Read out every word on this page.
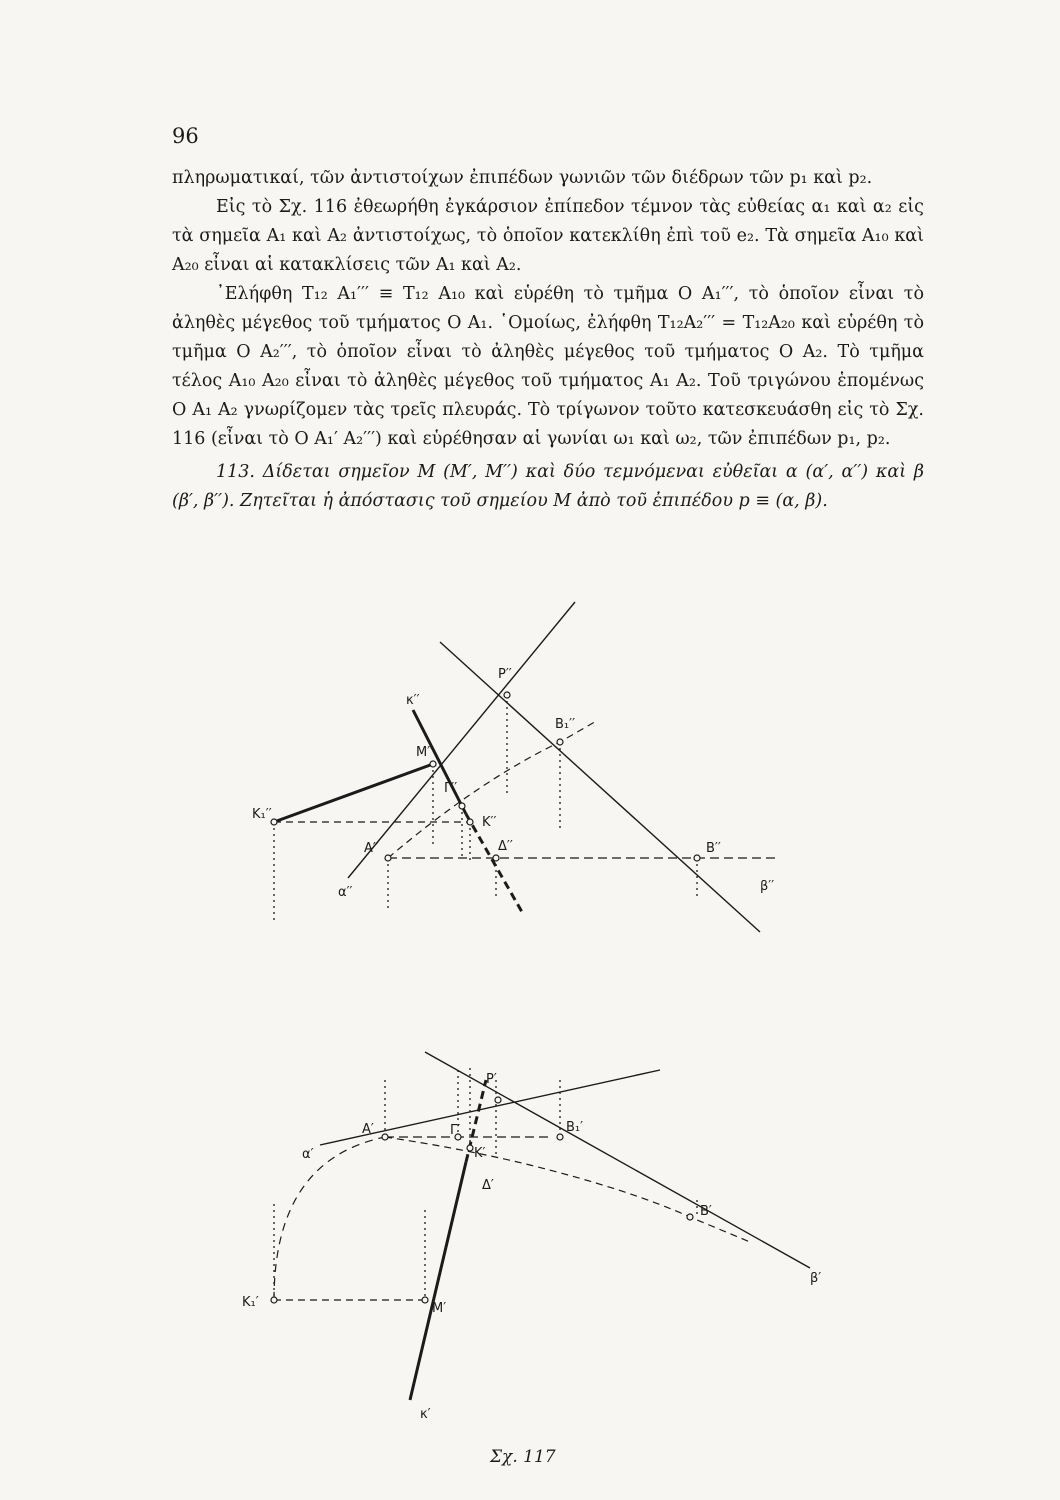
96

πληρωματικαί, τῶν ἀντιστοίχων ἐπιπέδων γωνιῶν τῶν διέδρων τῶν p₁ καὶ p₂.

Εἰς τὸ Σχ. 116 ἐθεωρήθη ἐγκάρσιον ἐπίπεδον τέμνον τὰς εὐθείας α₁ καὶ α₂ εἰς τὰ σημεῖα A₁ καὶ A₂ ἀντιστοίχως, τὸ ὁποῖον κατεκλίθη ἐπὶ τοῦ e₂. Τὰ σημεῖα A₁₀ καὶ A₂₀ εἶναι αἱ κατακλίσεις τῶν A₁ καὶ A₂.

᾿Ελήφθη T₁₂ A₁′′′ ≡ T₁₂ A₁₀ καὶ εὑρέθη τὸ τμῆμα O A₁′′′, τὸ ὁποῖον εἶναι τὸ ἀληθὲς μέγεθος τοῦ τμήματος O A₁. ῾Ομοίως, ἐλήφθη T₁₂A₂′′′ = T₁₂A₂₀ καὶ εὑρέθη τὸ τμῆμα O A₂′′′, τὸ ὁποῖον εἶναι τὸ ἀληθὲς μέγεθος τοῦ τμήματος O A₂. Τὸ τμῆμα τέλος A₁₀ A₂₀ εἶναι τὸ ἀληθὲς μέγεθος τοῦ τμήματος A₁ A₂. Τοῦ τριγώνου ἑπομένως O A₁ A₂ γνωρίζομεν τὰς τρεῖς πλευράς. Τὸ τρίγωνον τοῦτο κατεσκευάσθη εἰς τὸ Σχ. 116 (εἶναι τὸ O A₁′ A₂′′′) καὶ εὑρέθησαν αἱ γωνίαι ω₁ καὶ ω₂, τῶν ἐπιπέδων p₁, p₂.

113. Δίδεται σημεῖον M (M′, M′′) καὶ δύο τεμνόμεναι εὐθεῖαι α (α′, α′′) καὶ β (β′, β′′). Ζητεῖται ἡ ἀπόστασις τοῦ σημείου M ἀπὸ τοῦ ἐπιπέδου p ≡ (α, β).

P′′
B₁′′
κ′′
M′′
Γ′′
K₁′′
K′′
A′′	Δ′′	B′′
α′′	β′′
P′
A′	Γ′	B₁′
K′
α′
Δ′
B′
β′
K₁′	M′
κ′
Σχ. 117
